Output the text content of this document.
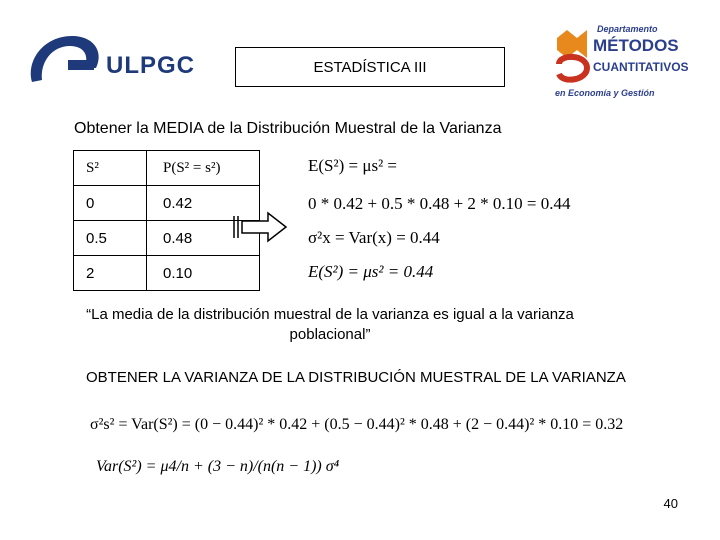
ULPGC	ESTADÍSTICA III
Departamento
MÉTODOS
CUANTITATIVOS
en Economía y Gestión
Obtener la MEDIA de la Distribución Muestral de la Varianza
S²	P(S² = s²)
0	0.42
0.5	0.48
2	0.10
E(S²) = μs² =
0 * 0.42 + 0.5 * 0.48 + 2 * 0.10 = 0.44
σ²x = Var(x) = 0.44
E(S²) = μs² = 0.44
“La media de la distribución muestral de la varianza es igual a la varianza poblacional”
OBTENER LA VARIANZA DE LA DISTRIBUCIÓN MUESTRAL DE LA VARIANZA
σ²s² = Var(S²) = (0 − 0.44)² * 0.42 + (0.5 − 0.44)² * 0.48 + (2 − 0.44)² * 0.10 = 0.32
Var(S²) = μ4/n + (3 − n)/(n(n − 1)) σ⁴
40
